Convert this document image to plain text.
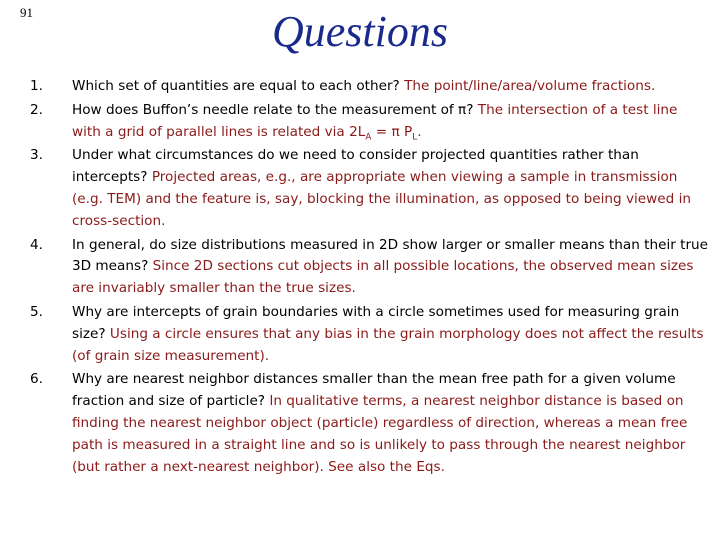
91	Questions
1.	Which set of quantities are equal to each other? The point/line/area/volume fractions.
2.	How does Buffon’s needle relate to the measurement of π? The intersection of a test line with a grid of parallel lines is related via $2L_A = \pi$ $P_L$.
3.	Under what circumstances do we need to consider projected quantities rather than intercepts? Projected areas, e.g., are appropriate when viewing a sample in transmission (e.g. TEM) and the feature is, say, blocking the illumination, as opposed to being viewed in cross-section.
4.	In general, do size distributions measured in 2D show larger or smaller means than their true 3D means? Since 2D sections cut objects in all possible locations, the observed mean sizes are invariably smaller than the true sizes.
5.	Why are intercepts of grain boundaries with a circle sometimes used for measuring grain size? Using a circle ensures that any bias in the grain morphology does not affect the results (of grain size measurement).
6.	Why are nearest neighbor distances smaller than the mean free path for a given volume fraction and size of particle? In qualitative terms, a nearest neighbor distance is based on finding the nearest neighbor object (particle) regardless of direction, whereas a mean free path is measured in a straight line and so is unlikely to pass through the nearest neighbor (but rather a next-nearest neighbor). See also the Eqs.
